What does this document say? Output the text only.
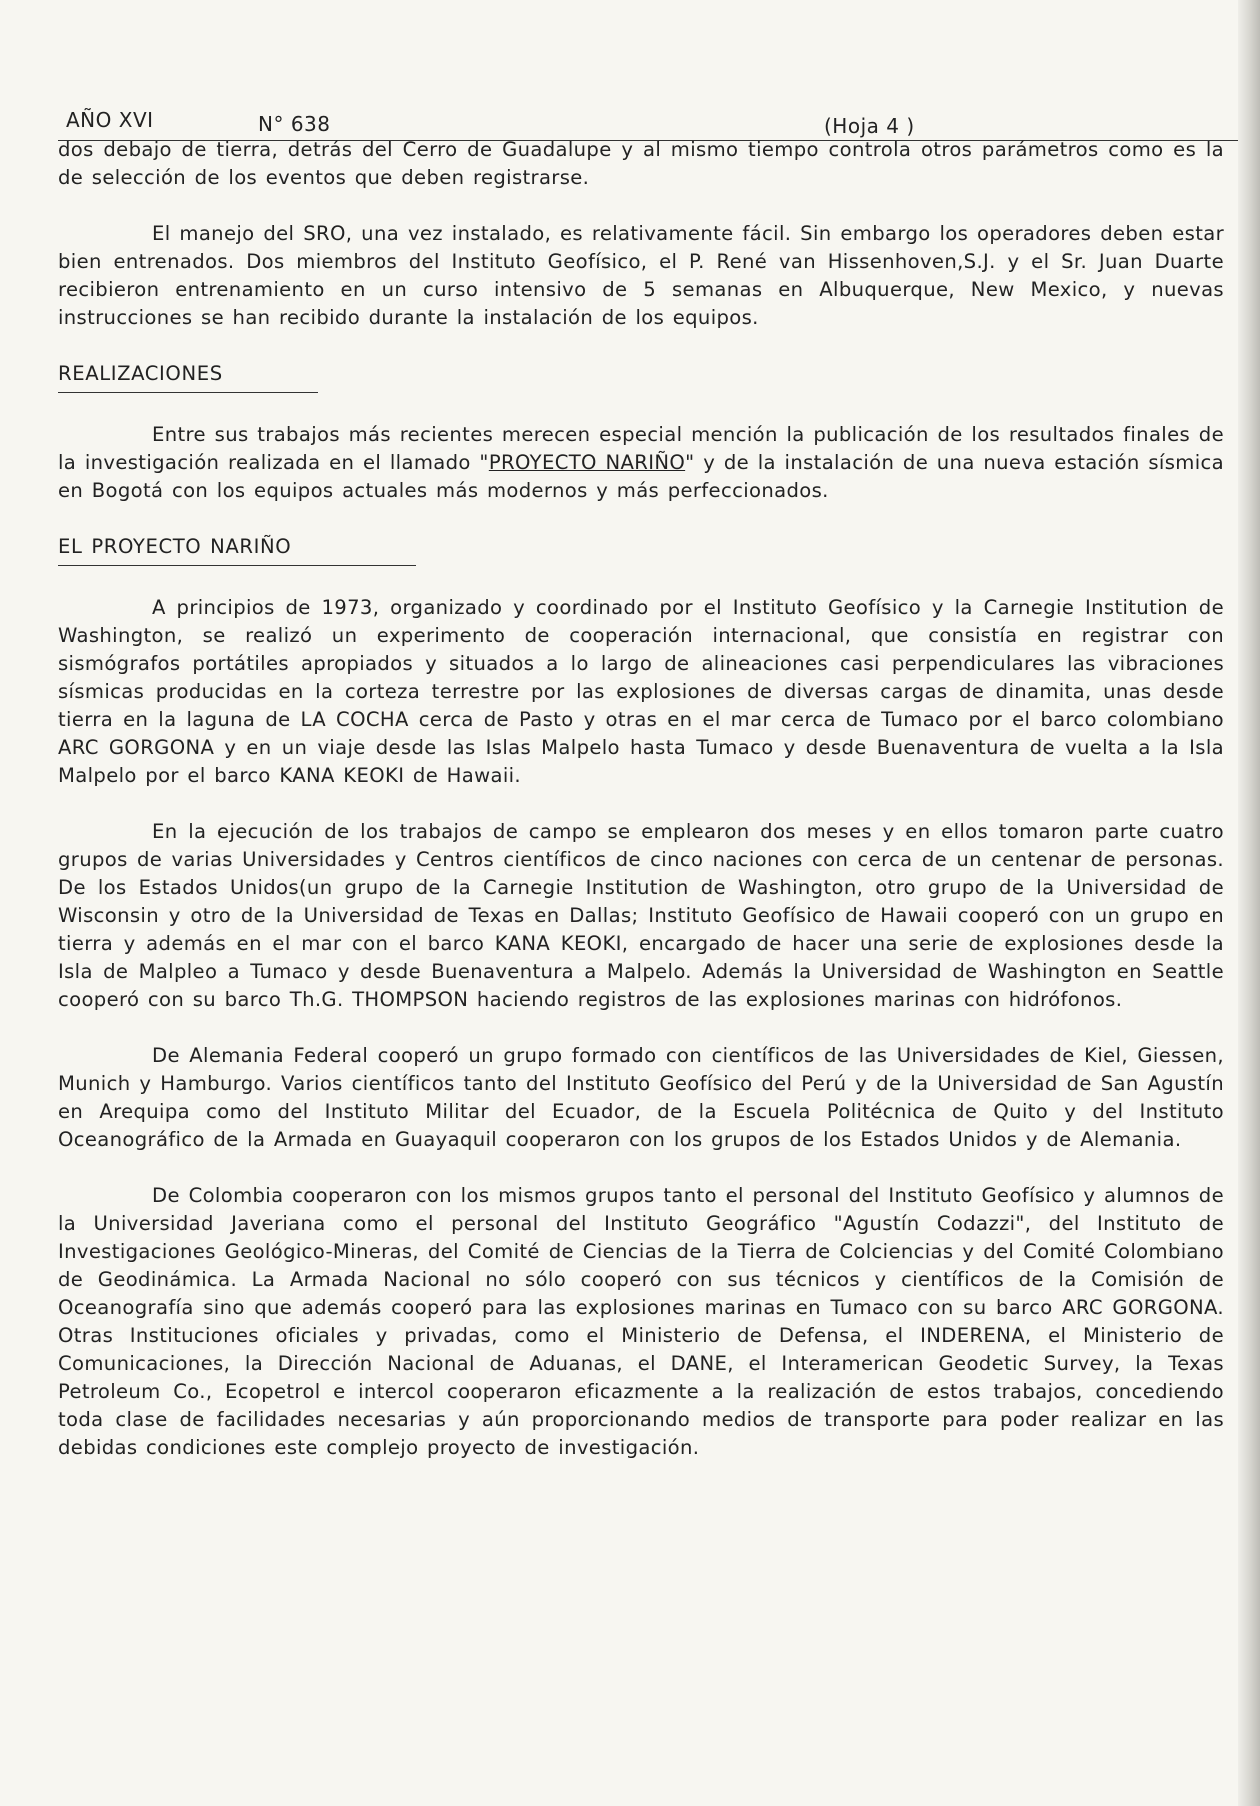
AÑO XVI	N° 638	(Hoja 4 )

dos debajo de tierra, detrás del Cerro de Guadalupe y al mismo tiempo controla otros parámetros como es la de selección de los eventos que deben registrarse.

El manejo del SRO, una vez instalado, es relativamente fácil. Sin embargo los operadores deben estar bien entrenados. Dos miembros del Instituto Geofísico, el P. René van Hissenhoven,S.J. y el Sr. Juan Duarte recibieron entrenamiento en un curso intensivo de 5 semanas en Albuquerque, New Mexico, y nuevas instrucciones se han recibido durante la instalación de los equipos.

REALIZACIONES

Entre sus trabajos más recientes merecen especial mención la publicación de los resultados finales de la investigación realizada en el llamado "PROYECTO NARIÑO" y de la instalación de una nueva estación sísmica en Bogotá con los equipos actuales más modernos y más perfeccionados.

EL PROYECTO NARIÑO

A principios de 1973, organizado y coordinado por el Instituto Geofísico y la Carnegie Institution de Washington, se realizó un experimento de cooperación internacional, que consistía en registrar con sismógrafos portátiles apropiados y situados a lo largo de alineaciones casi perpendiculares las vibraciones sísmicas producidas en la corteza terrestre por las explosiones de diversas cargas de dinamita, unas desde tierra en la laguna de LA COCHA cerca de Pasto y otras en el mar cerca de Tumaco por el barco colombiano ARC GORGONA y en un viaje desde las Islas Malpelo hasta Tumaco y desde Buenaventura de vuelta a la Isla Malpelo por el barco KANA KEOKI de Hawaii.

En la ejecución de los trabajos de campo se emplearon dos meses y en ellos tomaron parte cuatro grupos de varias Universidades y Centros científicos de cinco naciones con cerca de un centenar de personas. De los Estados Unidos(un grupo de la Carnegie Institution de Washington, otro grupo de la Universidad de Wisconsin y otro de la Universidad de Texas en Dallas; Instituto Geofísico de Hawaii cooperó con un grupo en tierra y además en el mar con el barco KANA KEOKI, encargado de hacer una serie de explosiones desde la Isla de Malpleo a Tumaco y desde Buenaventura a Malpelo. Además la Universidad de Washington en Seattle cooperó con su barco Th.G. THOMPSON haciendo registros de las explosiones marinas con hidrófonos.

De Alemania Federal cooperó un grupo formado con científicos de las Universidades de Kiel, Giessen, Munich y Hamburgo. Varios científicos tanto del Instituto Geofísico del Perú y de la Universidad de San Agustín en Arequipa como del Instituto Militar del Ecuador, de la Escuela Politécnica de Quito y del Instituto Oceanográfico de la Armada en Guayaquil cooperaron con los grupos de los Estados Unidos y de Alemania.

De Colombia cooperaron con los mismos grupos tanto el personal del Instituto Geofísico y alumnos de la Universidad Javeriana como el personal del Instituto Geográfico "Agustín Codazzi", del Instituto de Investigaciones Geológico-Mineras, del Comité de Ciencias de la Tierra de Colciencias y del Comité Colombiano de Geodinámica. La Armada Nacional no sólo cooperó con sus técnicos y científicos de la Comisión de Oceanografía sino que además cooperó para las explosiones marinas en Tumaco con su barco ARC GORGONA. Otras Instituciones oficiales y privadas, como el Ministerio de Defensa, el INDERENA, el Ministerio de Comunicaciones, la Dirección Nacional de Aduanas, el DANE, el Interamerican Geodetic Survey, la Texas Petroleum Co., Ecopetrol e intercol cooperaron eficazmente a la realización de estos trabajos, concediendo toda clase de facilidades necesarias y aún proporcionando medios de transporte para poder realizar en las debidas condiciones este complejo proyecto de investigación.
